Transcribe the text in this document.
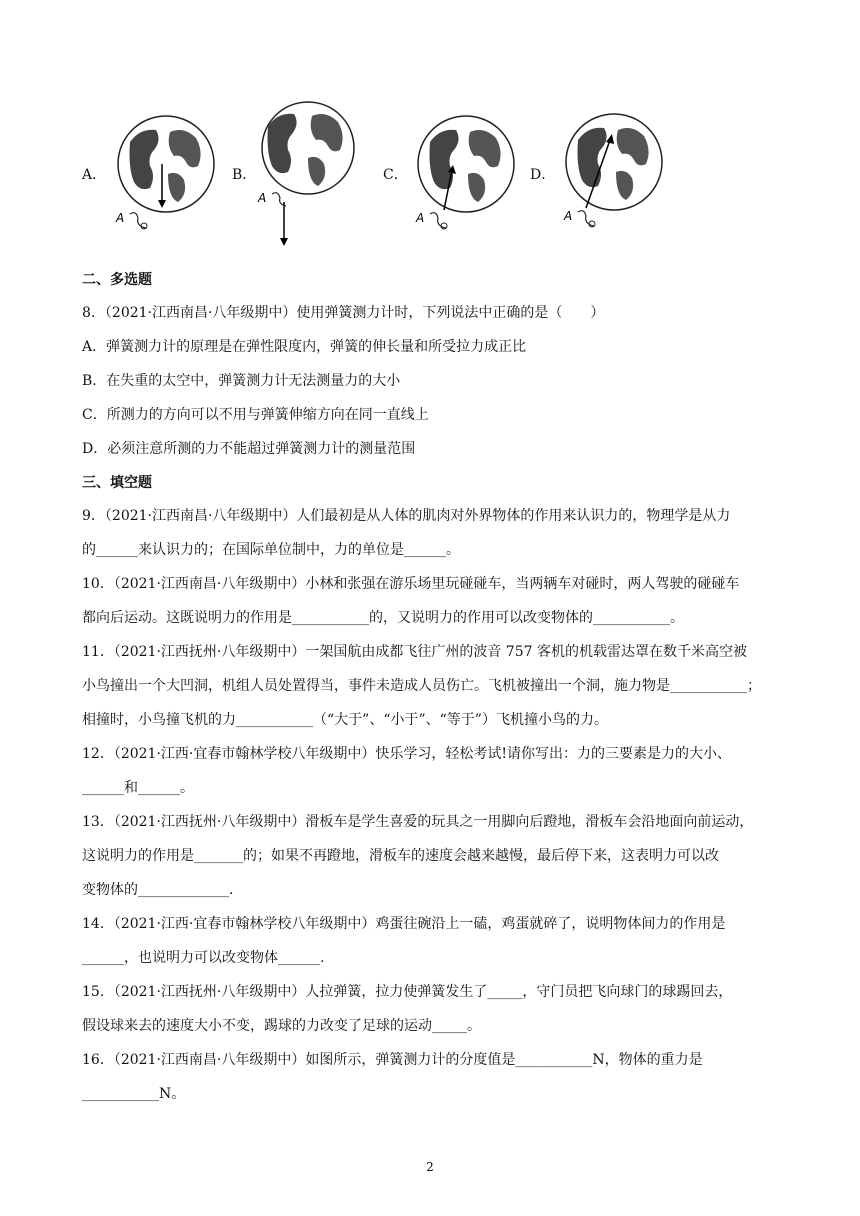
A．	B．	C．	D．
A
A
A	A
二、多选题
8．（2021·江西南昌·八年级期中）使用弹簧测力计时，下列说法中正确的是（　　）
A．弹簧测力计的原理是在弹性限度内，弹簧的伸长量和所受拉力成正比
B．在失重的太空中，弹簧测力计无法测量力的大小
C．所测力的方向可以不用与弹簧伸缩方向在同一直线上
D．必须注意所测的力不能超过弹簧测力计的测量范围
三、填空题
9．（2021·江西南昌·八年级期中）人们最初是从人体的肌肉对外界物体的作用来认识力的，物理学是从力
的______来认识力的；在国际单位制中，力的单位是______。
10．（2021·江西南昌·八年级期中）小林和张强在游乐场里玩碰碰车，当两辆车对碰时，两人驾驶的碰碰车
都向后运动。这既说明力的作用是___________的，又说明力的作用可以改变物体的___________。
11．（2021·江西抚州·八年级期中）一架国航由成都飞往广州的波音 757 客机的机载雷达罩在数千米高空被
小鸟撞出一个大凹洞，机组人员处置得当，事件未造成人员伤亡。飞机被撞出一个洞，施力物是___________；
相撞时，小鸟撞飞机的力___________（“大于”、“小于”、“等于”）飞机撞小鸟的力。
12．（2021·江西·宜春市翰林学校八年级期中）快乐学习，轻松考试!请你写出：力的三要素是力的大小、
______和______。
13．（2021·江西抚州·八年级期中）滑板车是学生喜爱的玩具之一用脚向后蹬地，滑板车会沿地面向前运动，
这说明力的作用是_______的；如果不再蹬地，滑板车的速度会越来越慢，最后停下来，这表明力可以改
变物体的_____________.
14．（2021·江西·宜春市翰林学校八年级期中）鸡蛋往碗沿上一磕，鸡蛋就碎了，说明物体间力的作用是
______，也说明力可以改变物体______.
15．（2021·江西抚州·八年级期中）人拉弹簧，拉力使弹簧发生了_____，守门员把飞向球门的球踢回去，
假设球来去的速度大小不变，踢球的力改变了足球的运动_____。
16．（2021·江西南昌·八年级期中）如图所示，弹簧测力计的分度值是___________N，物体的重力是
___________N。
2
